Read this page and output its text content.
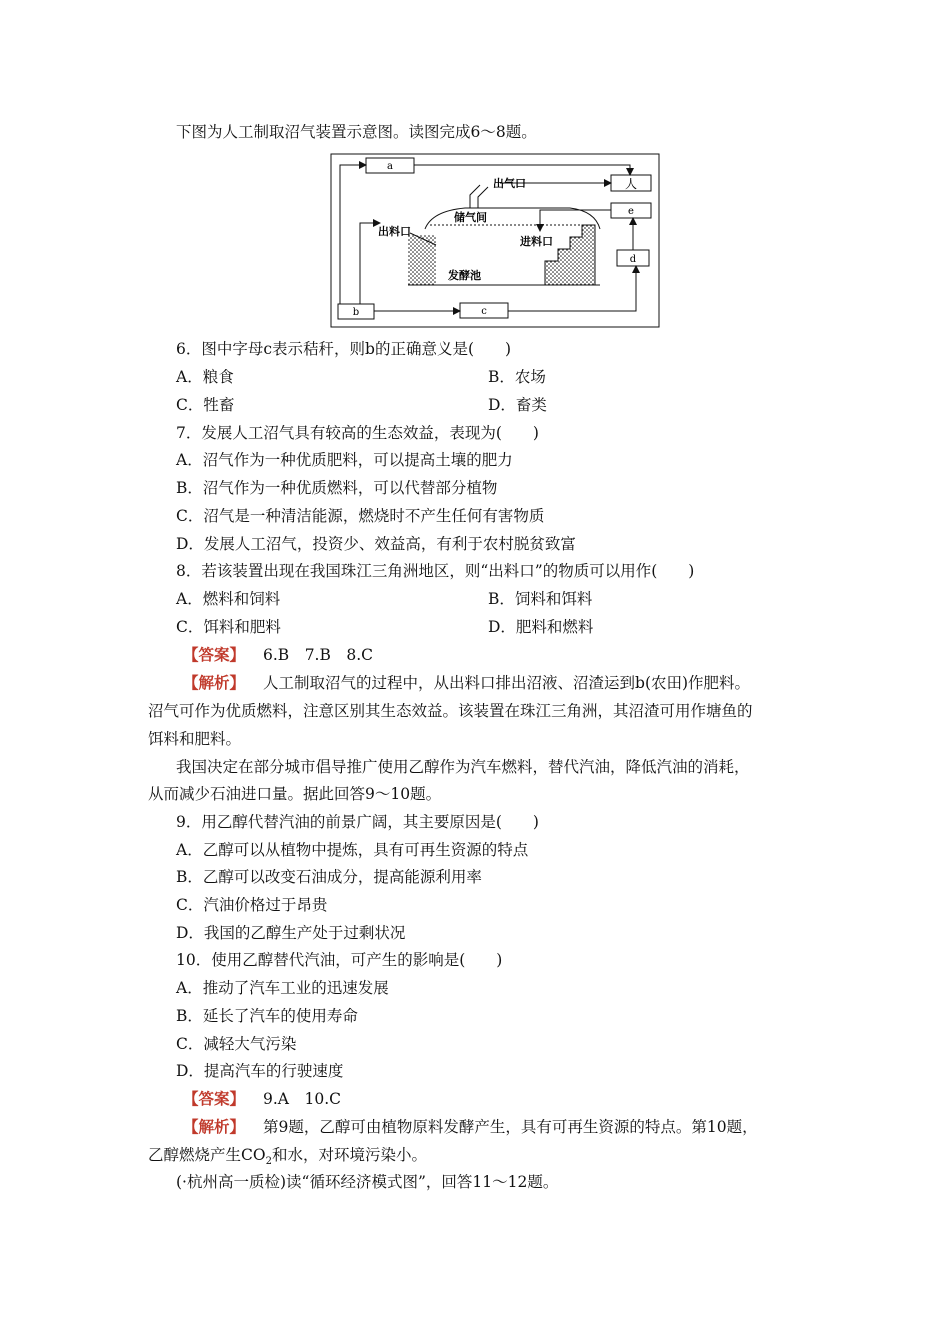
下图为人工制取沼气装置示意图。读图完成6～8题。
a
人
e
d
b	c
出气口
储气间
出料口
进料口
发酵池
6．图中字母c表示秸秆，则b的正确意义是(　　)
A．粮食	B．农场
C．牲畜	D．畜类
7．发展人工沼气具有较高的生态效益，表现为(　　)
A．沼气作为一种优质肥料，可以提高土壤的肥力
B．沼气作为一种优质燃料，可以代替部分植物
C．沼气是一种清洁能源，燃烧时不产生任何有害物质
D．发展人工沼气，投资少、效益高，有利于农村脱贫致富
8．若该装置出现在我国珠江三角洲地区，则“出料口”的物质可以用作(　　)
A．燃料和饲料	B．饲料和饵料
C．饵料和肥料	D．肥料和燃料
【答案】 6.B　7.B　8.C
【解析】 人工制取沼气的过程中，从出料口排出沼液、沼渣运到b(农田)作肥料。
沼气可作为优质燃料，注意区别其生态效益。该装置在珠江三角洲，其沼渣可用作塘鱼的
饵料和肥料。
我国决定在部分城市倡导推广使用乙醇作为汽车燃料，替代汽油，降低汽油的消耗，
从而减少石油进口量。据此回答9～10题。
9．用乙醇代替汽油的前景广阔，其主要原因是(　　)
A．乙醇可以从植物中提炼，具有可再生资源的特点
B．乙醇可以改变石油成分，提高能源利用率
C．汽油价格过于昂贵
D．我国的乙醇生产处于过剩状况
10．使用乙醇替代汽油，可产生的影响是(　　)
A．推动了汽车工业的迅速发展
B．延长了汽车的使用寿命
C．减轻大气污染
D．提高汽车的行驶速度
【答案】 9.A　10.C
【解析】 第9题，乙醇可由植物原料发酵产生，具有可再生资源的特点。第10题，
乙醇燃烧产生$CO_2$和水，对环境污染小。
(·杭州高一质检)读“循环经济模式图”，回答11～12题。
